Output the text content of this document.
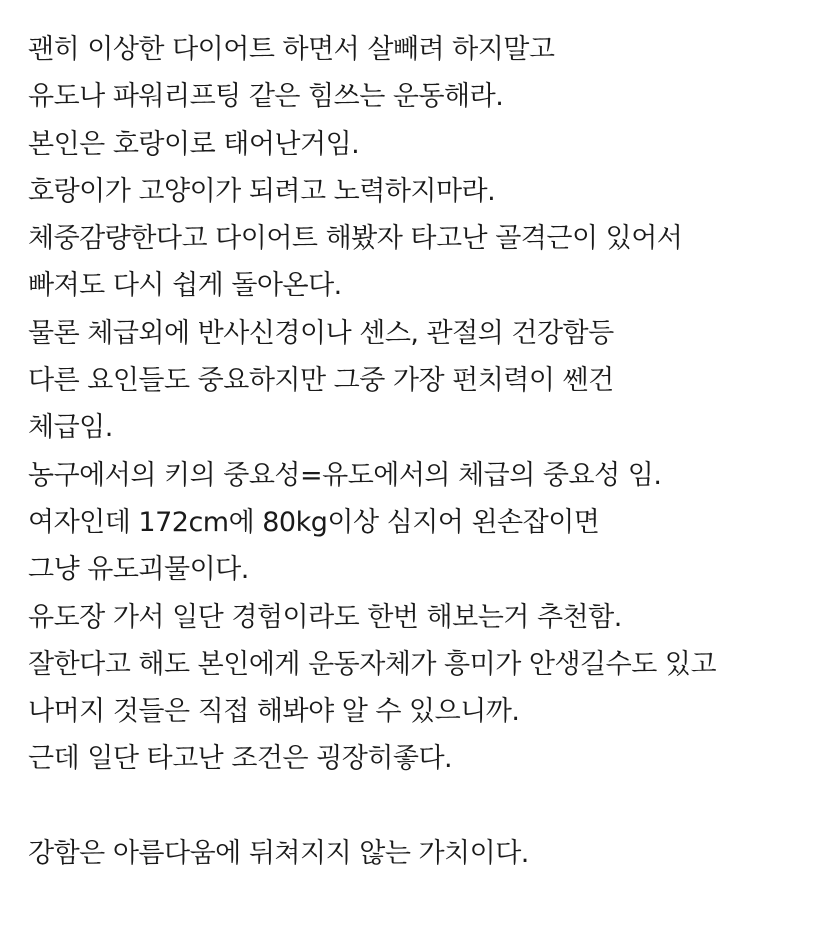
괜히 이상한 다이어트 하면서 살빼려 하지말고
유도나 파워리프팅 같은 힘쓰는 운동해라.
본인은 호랑이로 태어난거임.
호랑이가 고양이가 되려고 노력하지마라.
체중감량한다고 다이어트 해봤자 타고난 골격근이 있어서
빠져도 다시 쉽게 돌아온다.
물론 체급외에 반사신경이나 센스, 관절의 건강함등
다른 요인들도 중요하지만 그중 가장 펀치력이 쎈건
체급임.
농구에서의 키의 중요성=유도에서의 체급의 중요성 임.
여자인데 172cm에 80kg이상 심지어 왼손잡이면
그냥 유도괴물이다.
유도장 가서 일단 경험이라도 한번 해보는거 추천함.
잘한다고 해도 본인에게 운동자체가 흥미가 안생길수도 있고
나머지 것들은 직접 해봐야 알 수 있으니까.
근데 일단 타고난 조건은 굉장히좋다.
강함은 아름다움에 뒤쳐지지 않는 가치이다.
